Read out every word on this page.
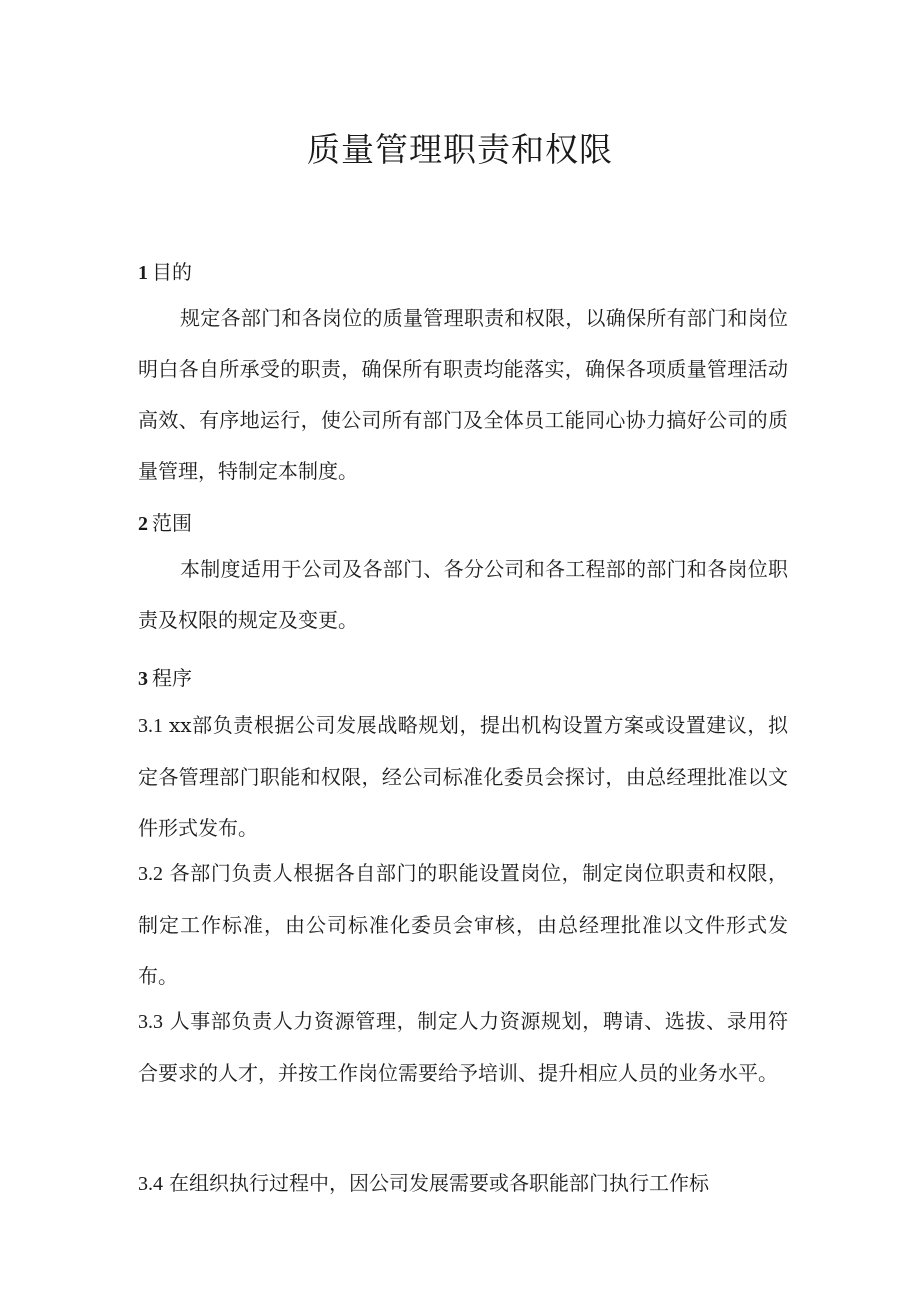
质量管理职责和权限
1 目的

规定各部门和各岗位的质量管理职责和权限，以确保所有部门和岗位明白各自所承受的职责，确保所有职责均能落实，确保各项质量管理活动高效、有序地运行，使公司所有部门及全体员工能同心协力搞好公司的质量管理，特制定本制度。

2 范围

本制度适用于公司及各部门、各分公司和各工程部的部门和各岗位职责及权限的规定及变更。

3 程序

3.1 xx部负责根据公司发展战略规划，提出机构设置方案或设置建议，拟定各管理部门职能和权限，经公司标准化委员会探讨，由总经理批准以文件形式发布。

3.2 各部门负责人根据各自部门的职能设置岗位，制定岗位职责和权限，制定工作标准，由公司标准化委员会审核，由总经理批准以文件形式发布。

3.3 人事部负责人力资源管理，制定人力资源规划，聘请、选拔、录用符合要求的人才，并按工作岗位需要给予培训、提升相应人员的业务水平。

3.4 在组织执行过程中，因公司发展需要或各职能部门执行工作标
